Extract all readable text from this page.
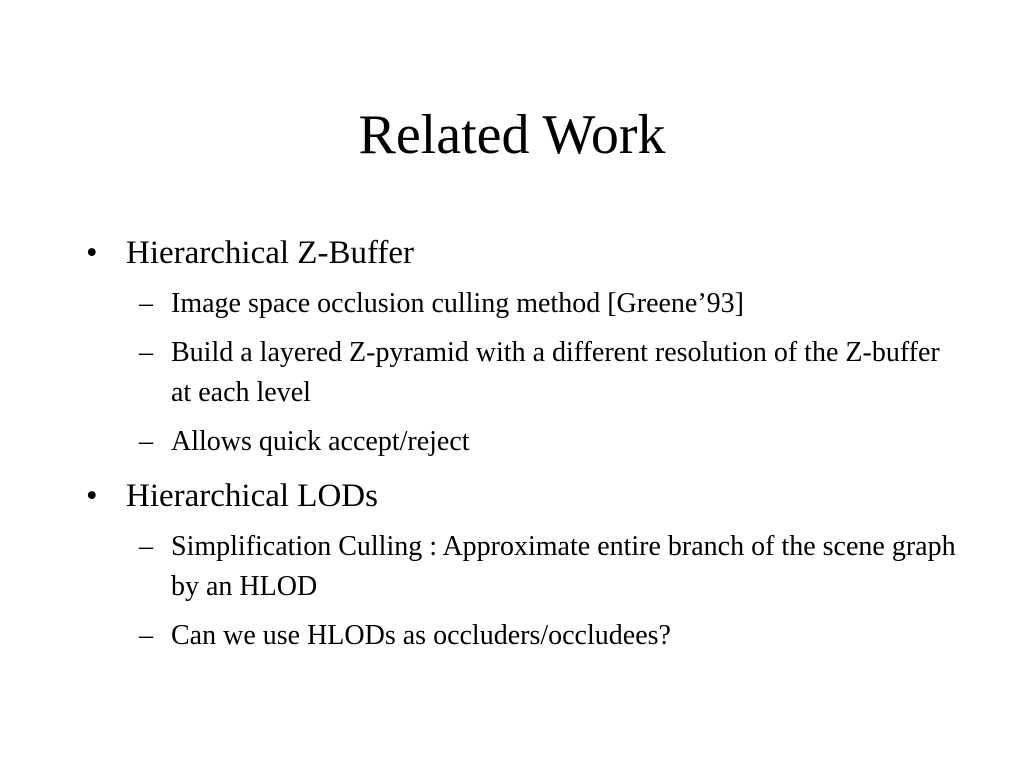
Related Work
• Hierarchical Z-Buffer
– Image space occlusion culling method [Greene’93]
– Build a layered Z-pyramid with a different resolution of the Z-buffer at each level
– Allows quick accept/reject
• Hierarchical LODs
– Simplification Culling : Approximate entire branch of the scene graph by an HLOD
– Can we use HLODs as occluders/occludees?
